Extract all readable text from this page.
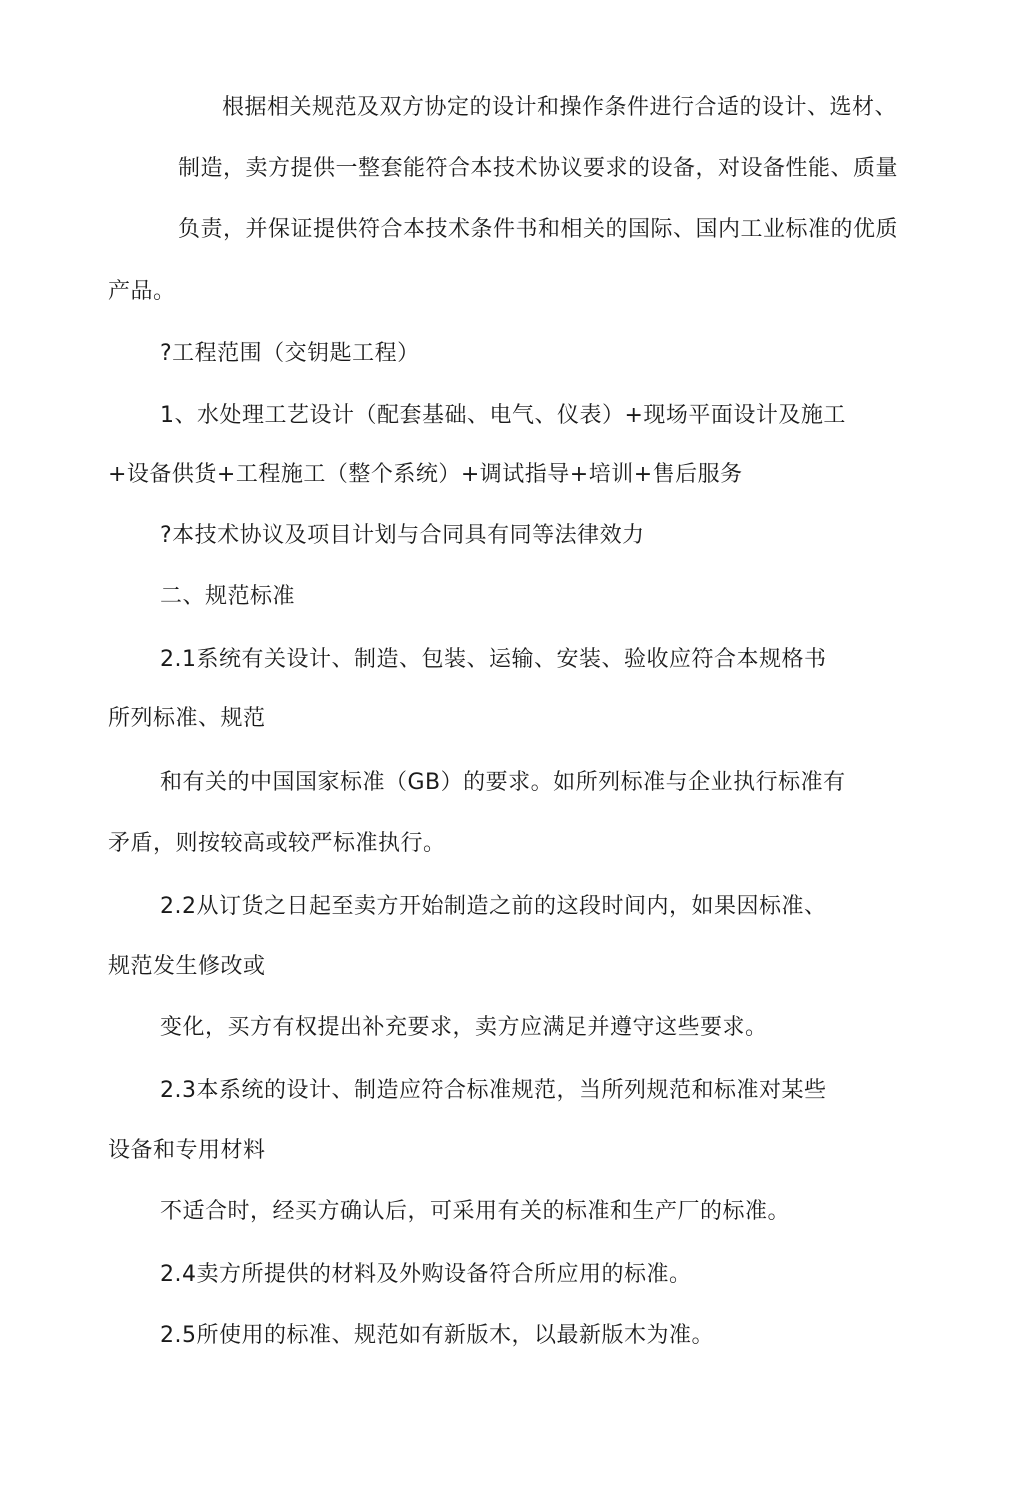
根据相关规范及双方协定的设计和操作条件进行合适的设计、选材、
制造，卖方提供一整套能符合本技术协议要求的设备，对设备性能、质量
负责，并保证提供符合本技术条件书和相关的国际、国内工业标准的优质
产品。
?工程范围（交钥匙工程）
1、水处理工艺设计（配套基础、电气、仪表）+现场平面设计及施工
+设备供货+工程施工（整个系统）+调试指导+培训+售后服务
?本技术协议及项目计划与合同具有同等法律效力
二、规范标准
2.1系统有关设计、制造、包装、运输、安装、验收应符合本规格书
所列标准、规范
和有关的中国国家标准（GB）的要求。如所列标准与企业执行标准有
矛盾，则按较高或较严标准执行。
2.2从订货之日起至卖方开始制造之前的这段时间内，如果因标准、
规范发生修改或
变化，买方有权提出补充要求，卖方应满足并遵守这些要求。
2.3本系统的设计、制造应符合标准规范，当所列规范和标准对某些
设备和专用材料
不适合时，经买方确认后，可采用有关的标准和生产厂的标准。
2.4卖方所提供的材料及外购设备符合所应用的标准。
2.5所使用的标准、规范如有新版木，以最新版木为准。
